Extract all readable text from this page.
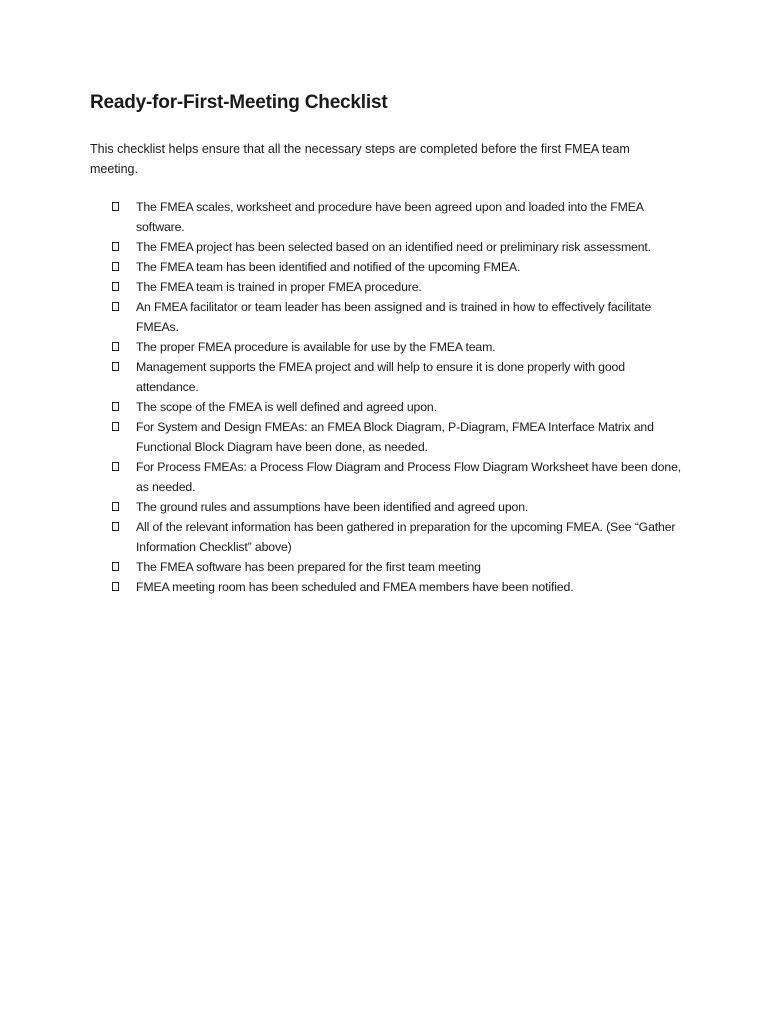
Ready-for-First-Meeting Checklist
This checklist helps ensure that all the necessary steps are completed before the first FMEA team meeting.
The FMEA scales, worksheet and procedure have been agreed upon and loaded into the FMEA software.
The FMEA project has been selected based on an identified need or preliminary risk assessment.
The FMEA team has been identified and notified of the upcoming FMEA.
The FMEA team is trained in proper FMEA procedure.
An FMEA facilitator or team leader has been assigned and is trained in how to effectively facilitate FMEAs.
The proper FMEA procedure is available for use by the FMEA team.
Management supports the FMEA project and will help to ensure it is done properly with good attendance.
The scope of the FMEA is well defined and agreed upon.
For System and Design FMEAs: an FMEA Block Diagram, P-Diagram, FMEA Interface Matrix and Functional Block Diagram have been done, as needed.
For Process FMEAs: a Process Flow Diagram and Process Flow Diagram Worksheet have been done, as needed.
The ground rules and assumptions have been identified and agreed upon.
All of the relevant information has been gathered in preparation for the upcoming FMEA. (See “Gather Information Checklist” above)
The FMEA software has been prepared for the first team meeting
FMEA meeting room has been scheduled and FMEA members have been notified.
